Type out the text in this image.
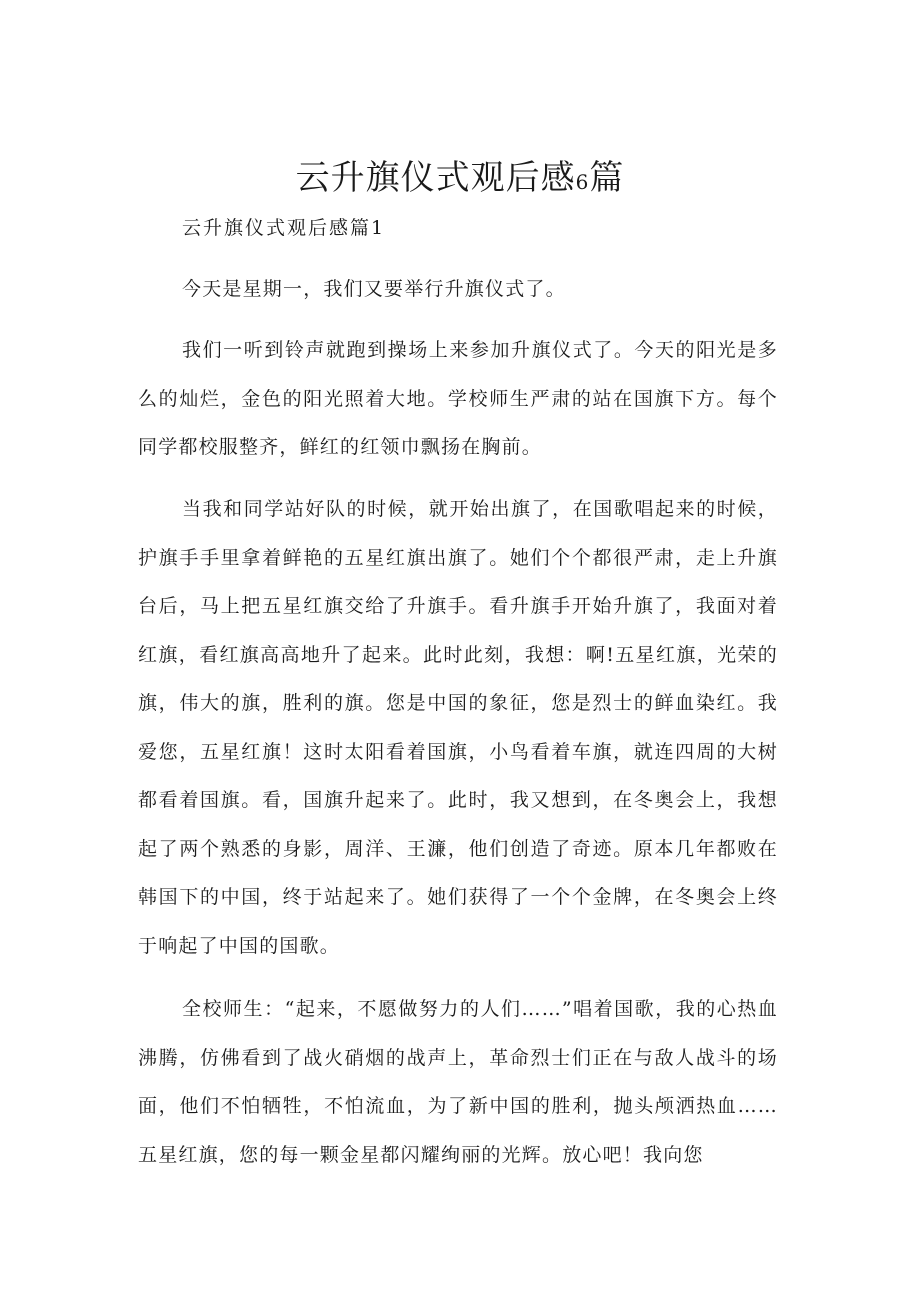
云升旗仪式观后感6篇

云升旗仪式观后感篇1

今天是星期一，我们又要举行升旗仪式了。

我们一听到铃声就跑到操场上来参加升旗仪式了。今天的阳光是多么的灿烂，金色的阳光照着大地。学校师生严肃的站在国旗下方。每个同学都校服整齐，鲜红的红领巾飘扬在胸前。

当我和同学站好队的时候，就开始出旗了，在国歌唱起来的时候，护旗手手里拿着鲜艳的五星红旗出旗了。她们个个都很严肃，走上升旗台后，马上把五星红旗交给了升旗手。看升旗手开始升旗了，我面对着红旗，看红旗高高地升了起来。此时此刻，我想：啊!五星红旗，光荣的旗，伟大的旗，胜利的旗。您是中国的象征，您是烈士的鲜血染红。我爱您，五星红旗！这时太阳看着国旗，小鸟看着车旗，就连四周的大树都看着国旗。看，国旗升起来了。此时，我又想到，在冬奥会上，我想起了两个熟悉的身影，周洋、王濂，他们创造了奇迹。原本几年都败在韩国下的中国，终于站起来了。她们获得了一个个金牌，在冬奥会上终于响起了中国的国歌。

全校师生：“起来，不愿做努力的人们……”唱着国歌，我的心热血沸腾，仿佛看到了战火硝烟的战声上，革命烈士们正在与敌人战斗的场面，他们不怕牺牲，不怕流血，为了新中国的胜利，抛头颅洒热血……五星红旗，您的每一颗金星都闪耀绚丽的光辉。放心吧！我向您
